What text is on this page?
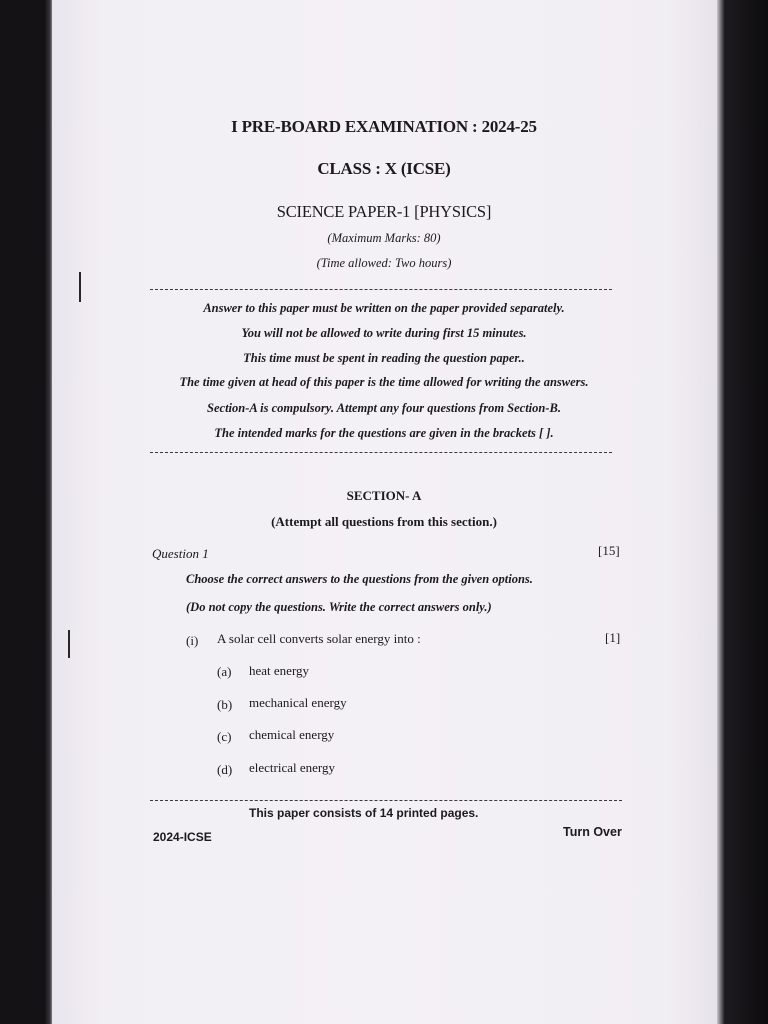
I PRE-BOARD EXAMINATION : 2024-25
CLASS : X (ICSE)
SCIENCE PAPER-1 [PHYSICS]
(Maximum Marks: 80)
(Time allowed: Two hours)
Answer to this paper must be written on the paper provided separately.
You will not be allowed to write during first 15 minutes.
This time must be spent in reading the question paper..
The time given at head of this paper is the time allowed for writing the answers.
Section-A is compulsory. Attempt any four questions from Section-B.
The intended marks for the questions are given in the brackets [ ].
SECTION- A
(Attempt all questions from this section.)
Question 1	[15]
Choose the correct answers to the questions from the given options.
(Do not copy the questions. Write the correct answers only.)
(i) A solar cell converts solar energy into :	[1]
(a) heat energy
(b) mechanical energy
(c) chemical energy
(d) electrical energy
This paper consists of 14 printed pages.
2024-ICSE	Turn Over
